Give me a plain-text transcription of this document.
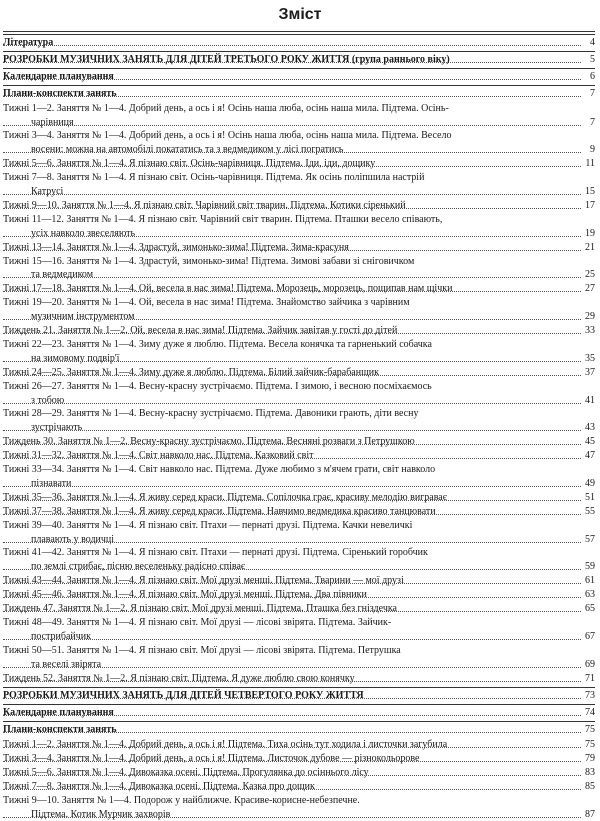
Зміст
Література	4
РОЗРОБКИ МУЗИЧНИХ ЗАНЯТЬ ДЛЯ ДІТЕЙ ТРЕТЬОГО РОКУ ЖИТТЯ (група раннього віку)	5
Календарне планування	6
Плани-конспекти занять	7
Тижні 1—2. Заняття № 1—4. Добрий день, а ось і я! Осінь наша люба, осінь наша мила. Підтема. Осінь-
чарівниця	7
Тижні 3—4. Заняття № 1—4. Добрий день, а ось і я! Осінь наша люба, осінь наша мила. Підтема. Весело
восени: можна на автомобілі покататись та з ведмедиком у лісі погратись	9
Тижні 5—6. Заняття № 1—4. Я пізнаю світ. Осінь-чарівниця. Підтема. Іди, іди, дощику	11
Тижні 7—8. Заняття № 1—4. Я пізнаю світ. Осінь-чарівниця. Підтема. Як осінь поліпшила настрій
Катрусі	15
Тижні 9—10. Заняття № 1—4. Я пізнаю світ. Чарівний світ тварин. Підтема. Котики сіренький	17
Тижні 11—12. Заняття № 1—4. Я пізнаю світ. Чарівний світ тварин. Підтема. Пташки весело співають,
усіх навколо звеселяють	19
Тижні 13—14. Заняття № 1—4. Здрастуй, зимонько-зима! Підтема. Зима-красуня	21
Тижні 15—16. Заняття № 1—4. Здрастуй, зимонько-зима! Підтема. Зимові забави зі сніговичком
та ведмедиком	25
Тижні 17—18. Заняття № 1—4. Ой, весела в нас зима! Підтема. Морозець, морозець, пощипав нам щічки	27
Тижні 19—20. Заняття № 1—4. Ой, весела в нас зима! Підтема. Знайомство зайчика з чарівним
музичним інструментом	29
Тиждень 21. Заняття № 1—2. Ой, весела в нас зима! Підтема. Зайчик завітав у гості до дітей	33
Тижні 22—23. Заняття № 1—4. Зиму дуже я люблю. Підтема. Весела конячка та гарненький собачка
на зимовому подвір'ї	35
Тижні 24—25. Заняття № 1—4. Зиму дуже я люблю. Підтема. Білий зайчик-барабанщик	37
Тижні 26—27. Заняття № 1—4. Весну-красну зустрічаємо. Підтема. І зимою, і весною посміхаємось
з тобою	41
Тижні 28—29. Заняття № 1—4. Весну-красну зустрічаємо. Підтема. Давоники грають, діти весну
зустрічають	43
Тиждень 30. Заняття № 1—2. Весну-красну зустрічаємо. Підтема. Весняні розваги з Петрушкою	45
Тижні 31—32. Заняття № 1—4. Світ навколо нас. Підтема. Казковий світ	47
Тижні 33—34. Заняття № 1—4. Світ навколо нас. Підтема. Дуже любимо з м'ячем грати, світ навколо
пізнавати	49
Тижні 35—36. Заняття № 1—4. Я живу серед краси. Підтема. Сопілочка грає, красиву мелодію виграває	51
Тижні 37—38. Заняття № 1—4. Я живу серед краси. Підтема. Навчимо ведмедика красиво танцювати	55
Тижні 39—40. Заняття № 1—4. Я пізнаю світ. Птахи — пернаті друзі. Підтема. Качки невеличкі
плавають у водичці	57
Тижні 41—42. Заняття № 1—4. Я пізнаю світ. Птахи — пернаті друзі. Підтема. Сіренький горобчик
по землі стрибає, пісню веселеньку радісно співає	59
Тижні 43—44. Заняття № 1—4. Я пізнаю світ. Мої друзі менші. Підтема. Тварини — мої друзі	61
Тижні 45—46. Заняття № 1—4. Я пізнаю світ. Мої друзі менші. Підтема. Два півники	63
Тиждень 47. Заняття № 1—2. Я пізнаю світ. Мої друзі менші. Підтема. Пташка без гніздечка	65
Тижні 48—49. Заняття № 1—4. Я пізнаю світ. Мої друзі — лісові звірята. Підтема. Зайчик-
пострибайчик	67
Тижні 50—51. Заняття № 1—4. Я пізнаю світ. Мої друзі — лісові звірята. Підтема. Петрушка
та веселі звірята	69
Тиждень 52. Заняття № 1—2. Я пізнаю світ. Підтема. Я дуже люблю свою конячку	71
РОЗРОБКИ МУЗИЧНИХ ЗАНЯТЬ ДЛЯ ДІТЕЙ ЧЕТВЕРТОГО РОКУ ЖИТТЯ	73
Календарне планування	74
Плани-конспекти занять	75
Тижні 1—2. Заняття № 1—4. Добрий день, а ось і я! Підтема. Тиха осінь тут ходила і листочки загубила	75
Тижні 3—4. Заняття № 1—4. Добрий день, а ось і я! Підтема. Листочок дубове — різнокольорове	79
Тижні 5—6. Заняття № 1—4. Дивоказка осені. Підтема. Прогулянка до осіннього лісу	83
Тижні 7—8. Заняття № 1—4. Дивоказка осені. Підтема. Казка про дощик	85
Тижні 9—10. Заняття № 1—4. Подорож у найближче. Красиве-корисне-небезпечне.
Підтема. Котик Мурчик захворів	87
